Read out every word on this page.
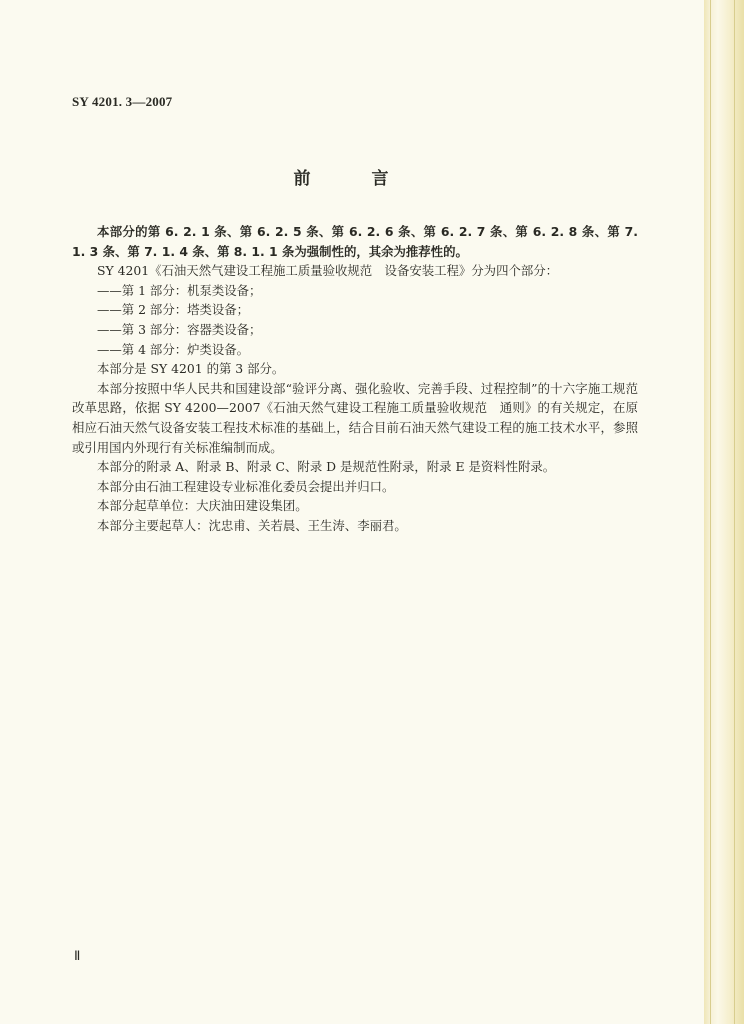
SY 4201. 3—2007
前　言

本部分的第 6. 2. 1 条、第 6. 2. 5 条、第 6. 2. 6 条、第 6. 2. 7 条、第 6. 2. 8 条、第 7. 1. 3 条、第 7. 1. 4 条、第 8. 1. 1 条为强制性的，其余为推荐性的。

SY 4201《石油天然气建设工程施工质量验收规范　设备安装工程》分为四个部分：

——第 1 部分：机泵类设备；

——第 2 部分：塔类设备；

——第 3 部分：容器类设备；

——第 4 部分：炉类设备。

本部分是 SY 4201 的第 3 部分。

本部分按照中华人民共和国建设部“验评分离、强化验收、完善手段、过程控制”的十六字施工规范改革思路，依据 SY 4200—2007《石油天然气建设工程施工质量验收规范　通则》的有关规定，在原相应石油天然气设备安装工程技术标准的基础上，结合目前石油天然气建设工程的施工技术水平，参照或引用国内外现行有关标准编制而成。

本部分的附录 A、附录 B、附录 C、附录 D 是规范性附录，附录 E 是资料性附录。

本部分由石油工程建设专业标准化委员会提出并归口。

本部分起草单位：大庆油田建设集团。

本部分主要起草人：沈忠甫、关若晨、王生涛、李丽君。

Ⅱ
